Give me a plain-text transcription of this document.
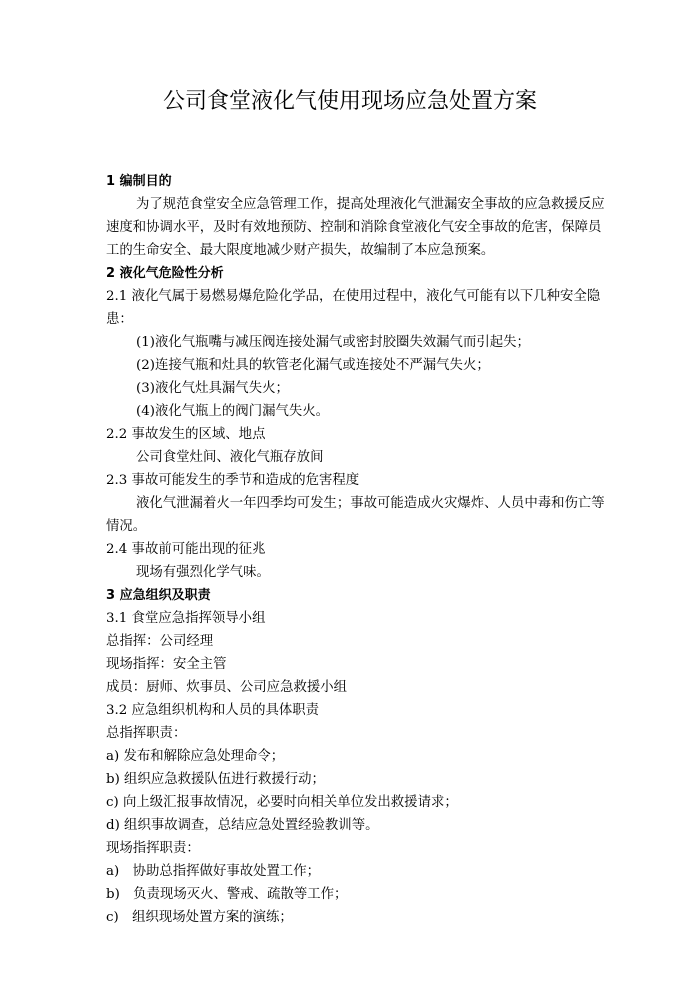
公司食堂液化气使用现场应急处置方案

1 编制目的

为了规范食堂安全应急管理工作，提高处理液化气泄漏安全事故的应急救援反应速度和协调水平，及时有效地预防、控制和消除食堂液化气安全事故的危害，保障员工的生命安全、最大限度地减少财产损失，故编制了本应急预案。

2 液化气危险性分析

2.1 液化气属于易燃易爆危险化学品，在使用过程中，液化气可能有以下几种安全隐患：

(1)液化气瓶嘴与减压阀连接处漏气或密封胶圈失效漏气而引起失；

(2)连接气瓶和灶具的软管老化漏气或连接处不严漏气失火；

(3)液化气灶具漏气失火；

(4)液化气瓶上的阀门漏气失火。

2.2 事故发生的区域、地点

公司食堂灶间、液化气瓶存放间

2.3 事故可能发生的季节和造成的危害程度

液化气泄漏着火一年四季均可发生；事故可能造成火灾爆炸、人员中毒和伤亡等情况。

2.4 事故前可能出现的征兆

现场有强烈化学气味。

3 应急组织及职责

3.1 食堂应急指挥领导小组

总指挥：公司经理

现场指挥：安全主管

成员：厨师、炊事员、公司应急救援小组

3.2 应急组织机构和人员的具体职责

总指挥职责：

a) 发布和解除应急处理命令；

b) 组织应急救援队伍进行救援行动；

c) 向上级汇报事故情况，必要时向相关单位发出救援请求；

d) 组织事故调查，总结应急处置经验教训等。

现场指挥职责：

a)　协助总指挥做好事故处置工作；

b)　负责现场灭火、警戒、疏散等工作；

c)　组织现场处置方案的演练；
